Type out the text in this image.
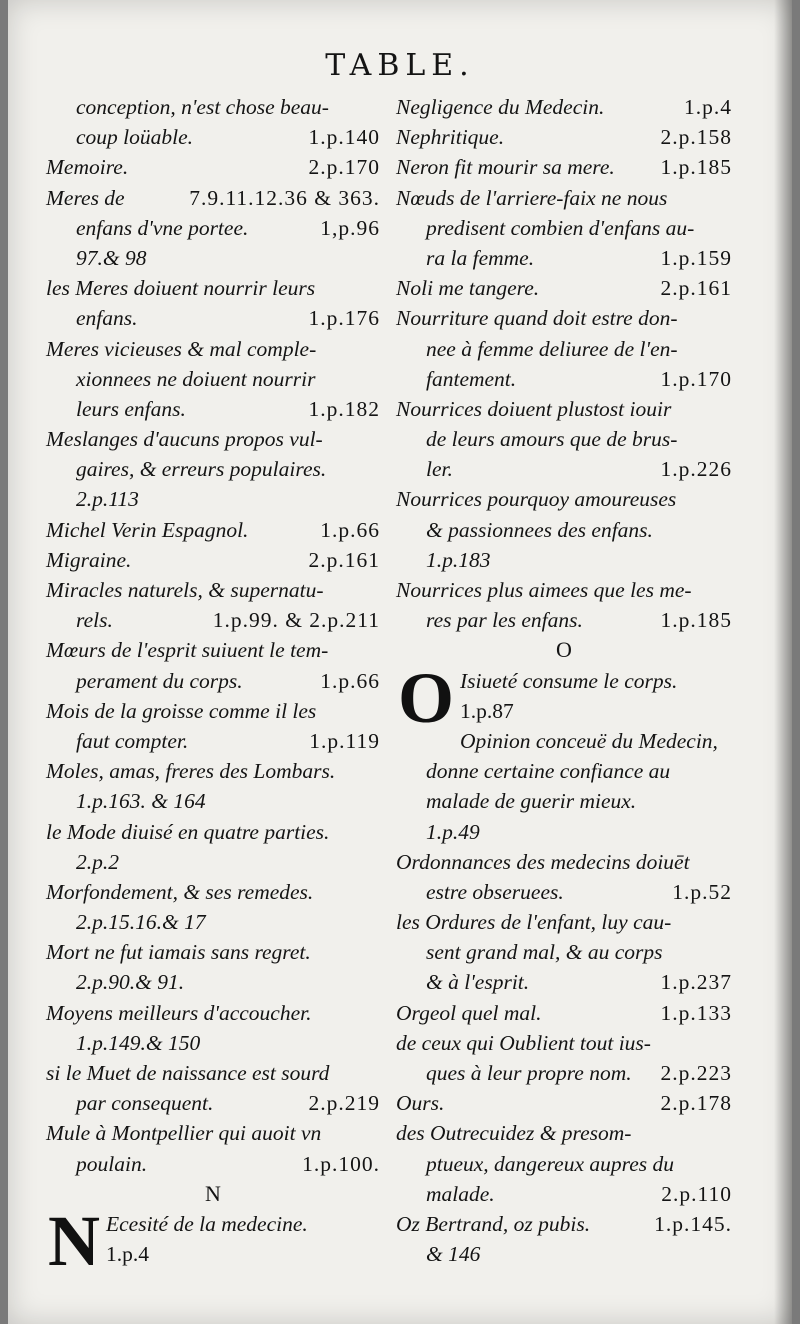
TABLE.
conception, n'est chose beau-
coup loüable.	1.p.140
Memoire.	2.p.170
Meres de	7.9.11.12.36 & 363.
enfans d'vne portee.	1,p.96
97.& 98
les Meres doiuent nourrir leurs
enfans.	1.p.176
Meres vicieuses & mal comple-
xionnees ne doiuent nourrir
leurs enfans.	1.p.182
Meslanges d'aucuns propos vul-
gaires, & erreurs populaires.
2.p.113
Michel Verin Espagnol.	1.p.66
Migraine.	2.p.161
Miracles naturels, & supernatu-
rels.	1.p.99. & 2.p.211
Mœurs de l'esprit suiuent le tem-
perament du corps.	1.p.66
Mois de la groisse comme il les
faut compter.	1.p.119
Moles, amas, freres des Lombars.
1.p.163. & 164
le Mode diuisé en quatre parties.
2.p.2
Morfondement, & ses remedes.
2.p.15.16.& 17
Mort ne fut iamais sans regret.
2.p.90.& 91.
Moyens meilleurs d'accoucher.
1.p.149.& 150
si le Muet de naissance est sourd
par consequent.	2.p.219
Mule à Montpellier qui auoit vn
poulain.	1.p.100.
N
N Ecesité de la medecine.
1.p.4
Negligence du Medecin.	1.p.4
Nephritique.	2.p.158
Neron fit mourir sa mere. 1.p.185
Nœuds de l'arriere-faix ne nous
predisent combien d'enfans au-
ra la femme.	1.p.159
Noli me tangere.	2.p.161
Nourriture quand doit estre don-
nee à femme deliuree de l'en-
fantement.	1.p.170
Nourrices doiuent plustost iouir
de leurs amours que de brus-
ler.	1.p.226
Nourrices pourquoy amoureuses
& passionnees des enfans.
1.p.183
Nourrices plus aimees que les me-
res par les enfans.	1.p.185
O
O Isiueté consume le corps.
1.p.87
Opinion conceuë du Medecin,
donne certaine confiance au
malade de guerir mieux.
1.p.49
Ordonnances des medecins doiuēt
estre obseruees.	1.p.52
les Ordures de l'enfant, luy cau-
sent grand mal, & au corps
& à l'esprit.	1.p.237
Orgeol quel mal.	1.p.133
de ceux qui Oublient tout ius-
ques à leur propre nom. 2.p.223
Ours.	2.p.178
des Outrecuidez & presom-
ptueux, dangereux aupres du
malade.	2.p.110
Oz Bertrand, oz pubis.	1.p.145.
& 146
